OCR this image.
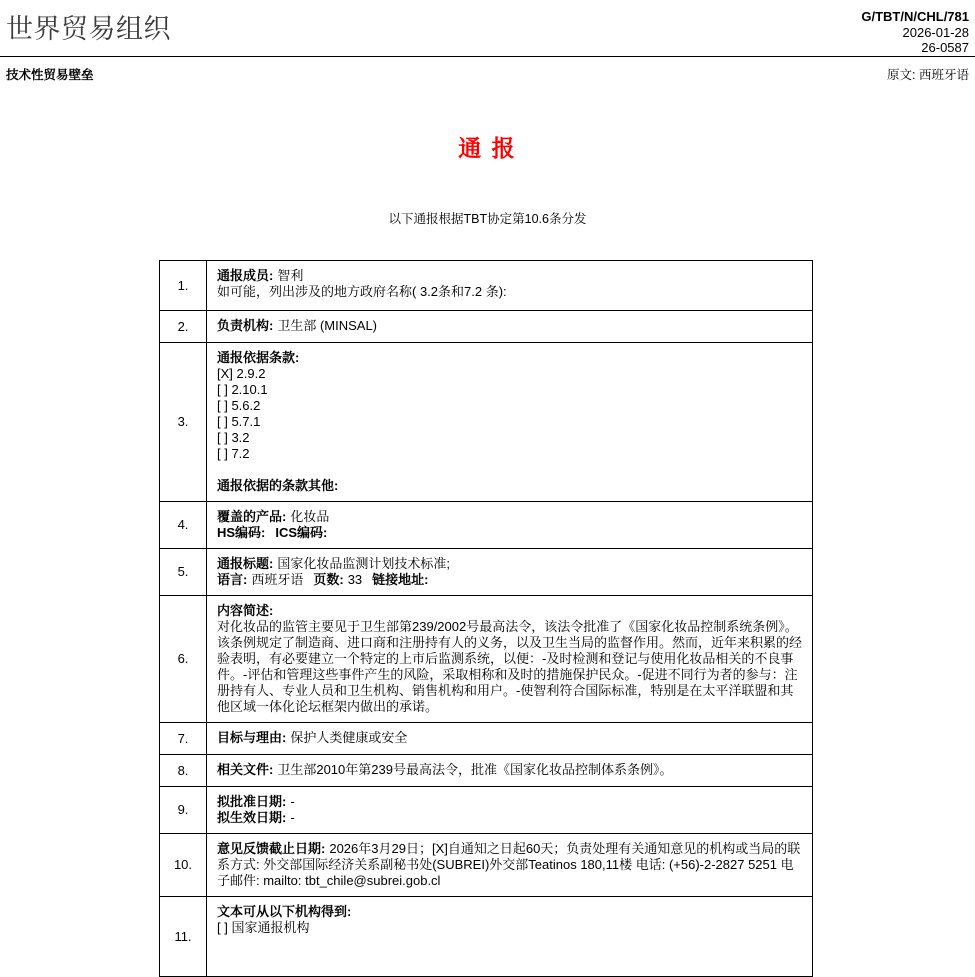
世界贸易组织	G/TBT/N/CHL/781
2026-01-28
26-0587
技术性贸易壁垒	原文: 西班牙语
通 报
以下通报根据TBT协定第10.6条分发
1.	通报成员: 智利
如可能，列出涉及的地方政府名称( 3.2条和7.2 条):

2.	负责机构: 卫生部 (MINSAL)

3.	
通报依据条款:
[X] 2.9.2
[ ] 2.10.1
[ ] 5.6.2
[ ] 5.7.1
[ ] 3.2
[ ] 7.2
通报依据的条款其他:

4.	覆盖的产品: 化妆品
HS编码: ICS编码:

5.	通报标题: 国家化妆品监测计划技术标准;
语言: 西班牙语 页数: 33 链接地址:

6.	内容简述:
对化妆品的监管主要见于卫生部第239/2002号最高法令，该法令批准了《国家化妆品控制系统条例》。该条例规定了制造商、进口商和注册持有人的义务，以及卫生当局的监督作用。然而，近年来积累的经验表明，有必要建立一个特定的上市后监测系统，以便：-及时检测和登记与使用化妆品相关的不良事件。-评估和管理这些事件产生的风险，采取相称和及时的措施保护民众。-促进不同行为者的参与：注册持有人、专业人员和卫生机构、销售机构和用户。-使智利符合国际标准，特别是在太平洋联盟和其他区域一体化论坛框架内做出的承诺。

7.	目标与理由: 保护人类健康或安全

8.	相关文件: 卫生部2010年第239号最高法令，批准《国家化妆品控制体系条例》。

9.	拟批准日期: -
拟生效日期: -

10.	意见反馈截止日期: 2026年3月29日；[X]自通知之日起60天；负责处理有关通知意见的机构或当局的联系方式: 外交部国际经济关系副秘书处(SUBREI)外交部Teatinos 180,11楼 电话: (+56)-2-2827 5251 电子邮件: mailto: tbt_chile@subrei.gob.cl

11.	文本可从以下机构得到:
[ ] 国家通报机构
